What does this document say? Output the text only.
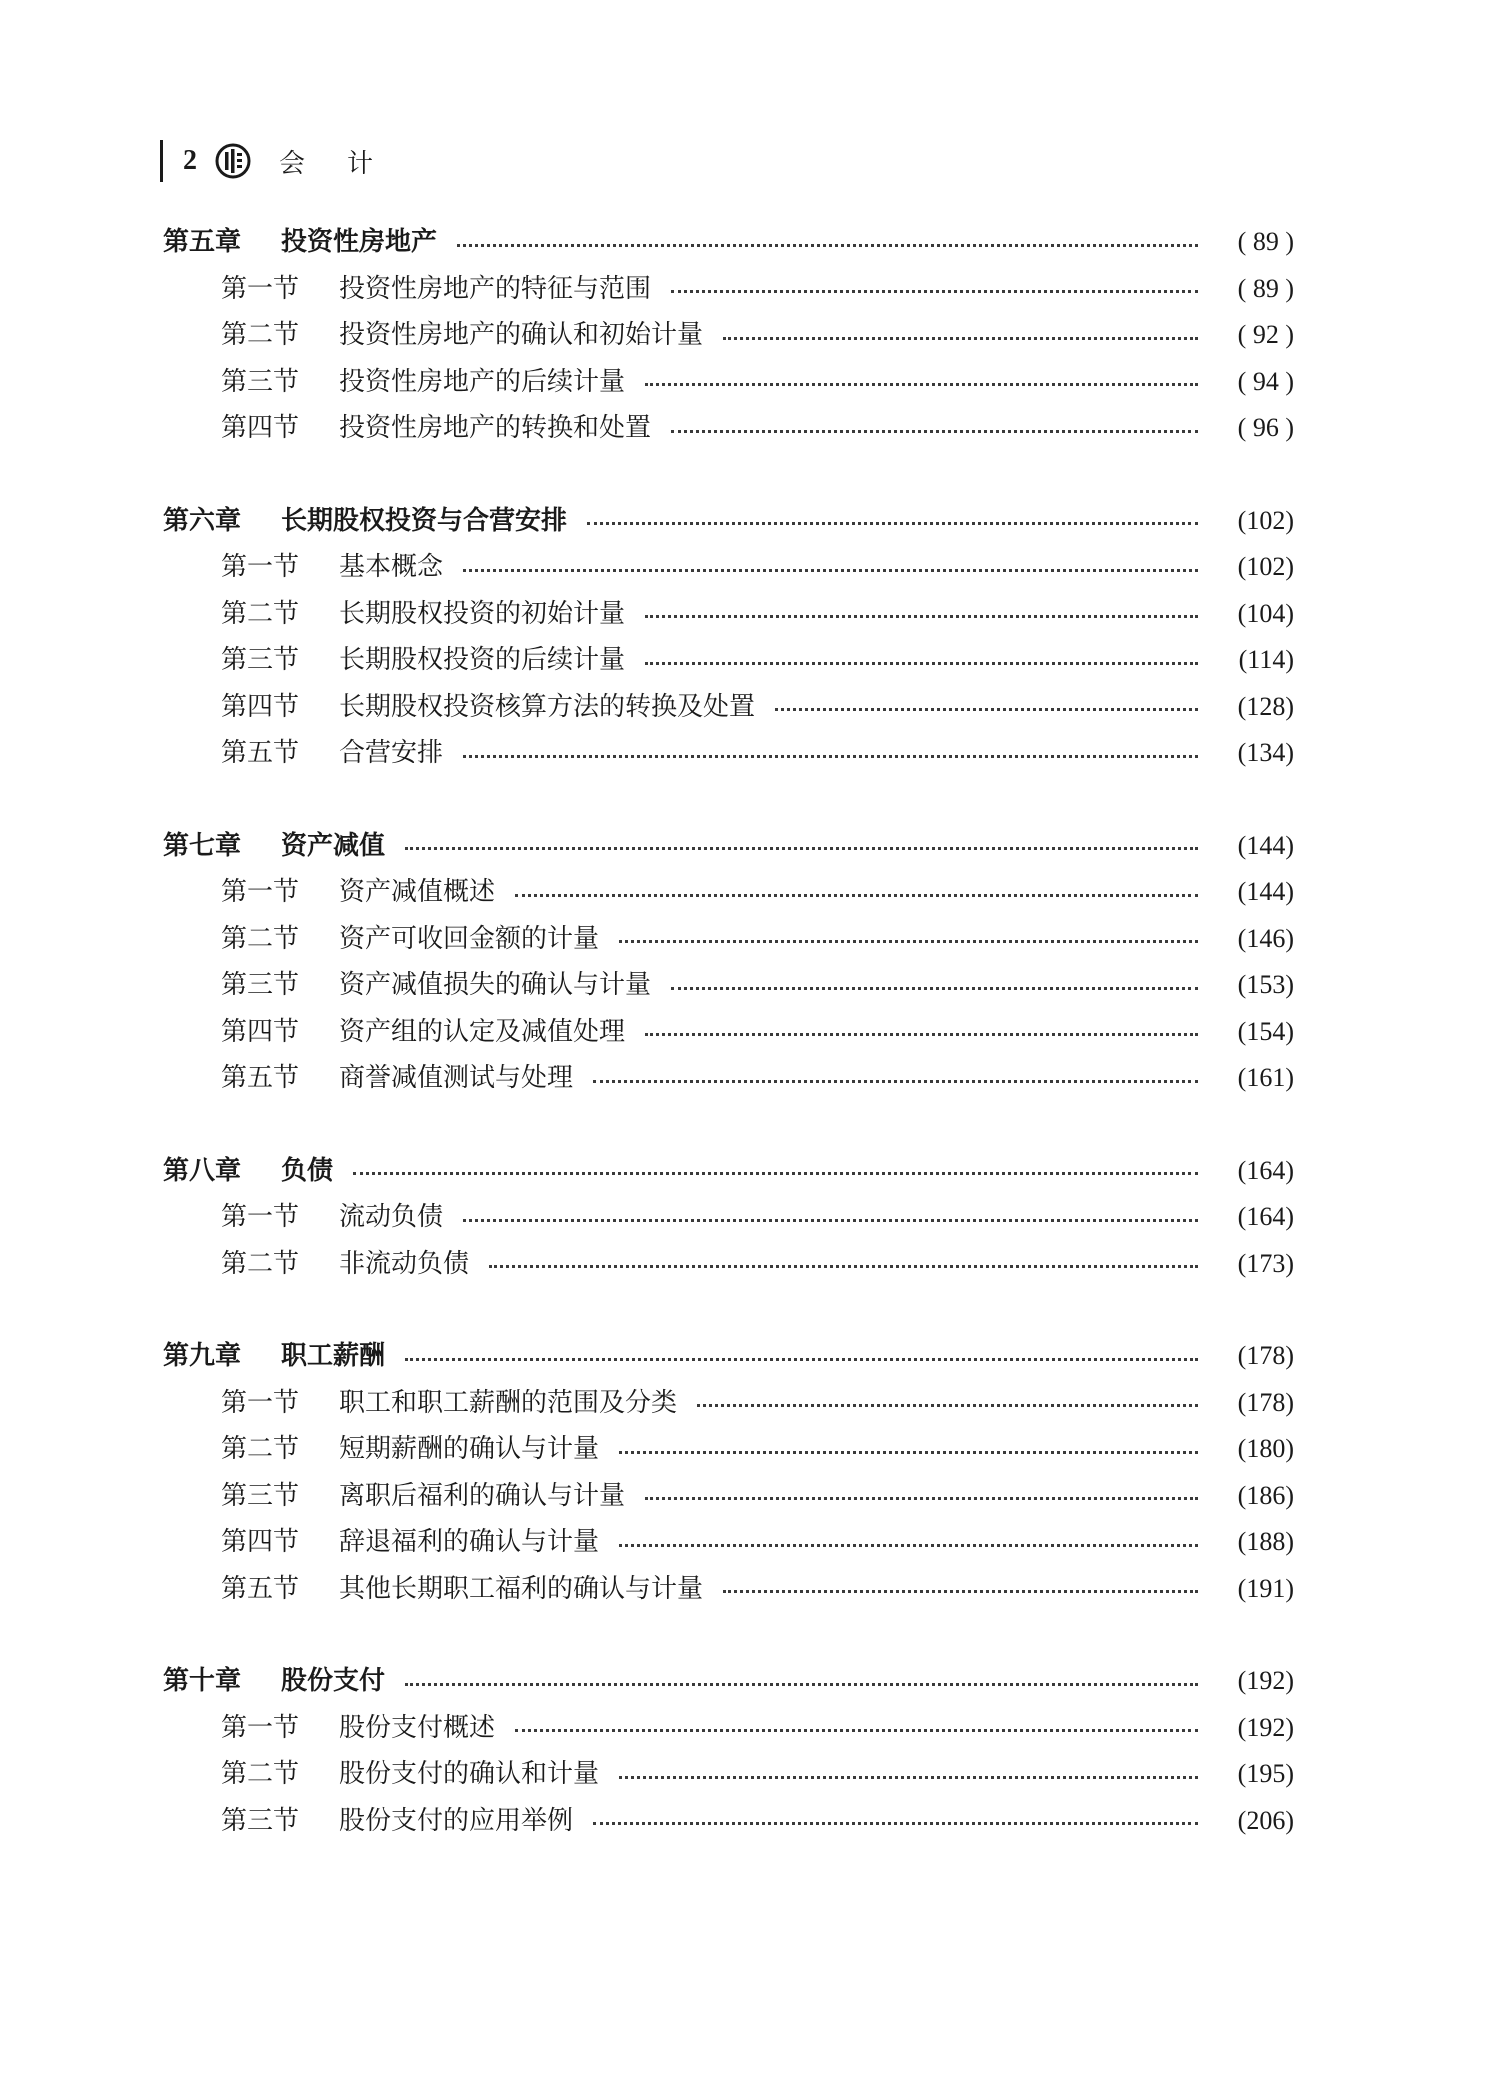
2	会计
第五章	投资性房地产	( 89 )
第一节	投资性房地产的特征与范围	( 89 )
第二节	投资性房地产的确认和初始计量	( 92 )
第三节	投资性房地产的后续计量	( 94 )
第四节	投资性房地产的转换和处置	( 96 )
第六章	长期股权投资与合营安排	(102)
第一节	基本概念	(102)
第二节	长期股权投资的初始计量	(104)
第三节	长期股权投资的后续计量	(114)
第四节	长期股权投资核算方法的转换及处置	(128)
第五节	合营安排	(134)
第七章	资产减值	(144)
第一节	资产减值概述	(144)
第二节	资产可收回金额的计量	(146)
第三节	资产减值损失的确认与计量	(153)
第四节	资产组的认定及减值处理	(154)
第五节	商誉减值测试与处理	(161)
第八章	负债	(164)
第一节	流动负债	(164)
第二节	非流动负债	(173)
第九章	职工薪酬	(178)
第一节	职工和职工薪酬的范围及分类	(178)
第二节	短期薪酬的确认与计量	(180)
第三节	离职后福利的确认与计量	(186)
第四节	辞退福利的确认与计量	(188)
第五节	其他长期职工福利的确认与计量	(191)
第十章	股份支付	(192)
第一节	股份支付概述	(192)
第二节	股份支付的确认和计量	(195)
第三节	股份支付的应用举例	(206)
